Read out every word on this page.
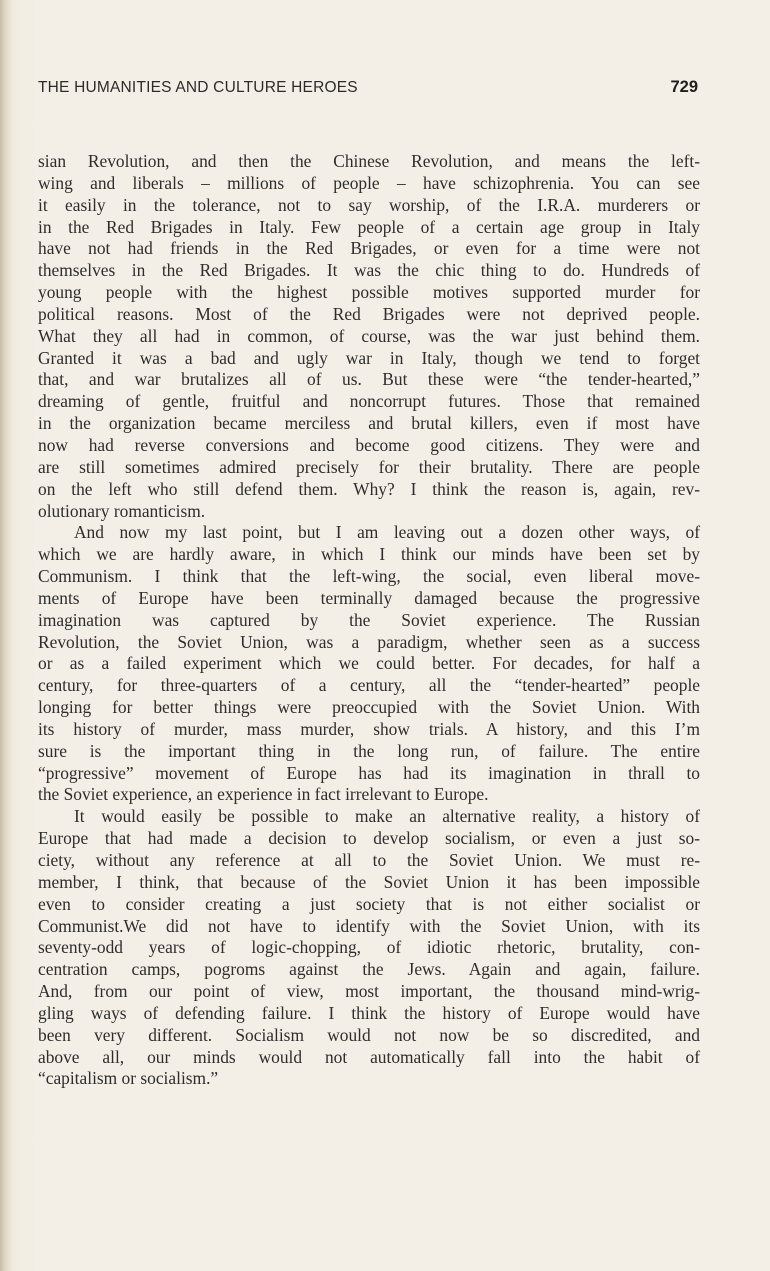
THE HUMANITIES AND CULTURE HEROES	729
sian Revolution, and then the Chinese Revolution, and means the left-
wing and liberals – millions of people – have schizophrenia. You can see
it easily in the tolerance, not to say worship, of the I.R.A. murderers or
in the Red Brigades in Italy. Few people of a certain age group in Italy
have not had friends in the Red Brigades, or even for a time were not
themselves in the Red Brigades. It was the chic thing to do. Hundreds of
young people with the highest possible motives supported murder for
political reasons. Most of the Red Brigades were not deprived people.
What they all had in common, of course, was the war just behind them.
Granted it was a bad and ugly war in Italy, though we tend to forget
that, and war brutalizes all of us. But these were “the tender-hearted,”
dreaming of gentle, fruitful and noncorrupt futures. Those that remained
in the organization became merciless and brutal killers, even if most have
now had reverse conversions and become good citizens. They were and
are still sometimes admired precisely for their brutality. There are people
on the left who still defend them. Why? I think the reason is, again, rev-
olutionary romanticism.
And now my last point, but I am leaving out a dozen other ways, of
which we are hardly aware, in which I think our minds have been set by
Communism. I think that the left-wing, the social, even liberal move-
ments of Europe have been terminally damaged because the progressive
imagination was captured by the Soviet experience. The Russian
Revolution, the Soviet Union, was a paradigm, whether seen as a success
or as a failed experiment which we could better. For decades, for half a
century, for three-quarters of a century, all the “tender-hearted” people
longing for better things were preoccupied with the Soviet Union. With
its history of murder, mass murder, show trials. A history, and this I’m
sure is the important thing in the long run, of failure. The entire
“progressive” movement of Europe has had its imagination in thrall to
the Soviet experience, an experience in fact irrelevant to Europe.
It would easily be possible to make an alternative reality, a history of
Europe that had made a decision to develop socialism, or even a just so-
ciety, without any reference at all to the Soviet Union. We must re-
member, I think, that because of the Soviet Union it has been impossible
even to consider creating a just society that is not either socialist or
Communist.We did not have to identify with the Soviet Union, with its
seventy-odd years of logic-chopping, of idiotic rhetoric, brutality, con-
centration camps, pogroms against the Jews. Again and again, failure.
And, from our point of view, most important, the thousand mind-wrig-
gling ways of defending failure. I think the history of Europe would have
been very different. Socialism would not now be so discredited, and
above all, our minds would not automatically fall into the habit of
“capitalism or socialism.”
